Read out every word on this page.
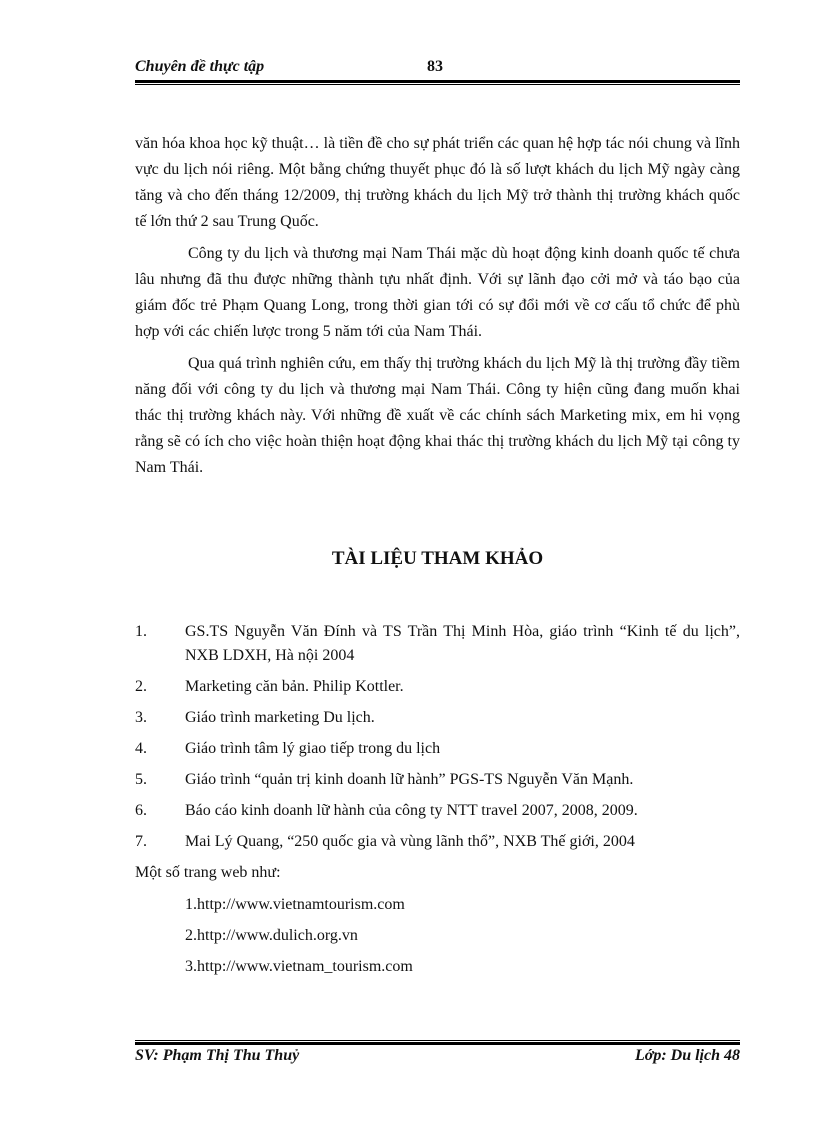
Chuyên đề thực tập	83

văn hóa khoa học kỹ thuật… là tiền đề cho sự phát triển các quan hệ hợp tác nói chung và lĩnh vực du lịch nói riêng. Một bằng chứng thuyết phục đó là số lượt khách du lịch Mỹ ngày càng tăng và cho đến tháng 12/2009, thị trường khách du lịch Mỹ trở thành thị trường khách quốc tế lớn thứ 2 sau Trung Quốc.

Công ty du lịch và thương mại Nam Thái mặc dù hoạt động kinh doanh quốc tế chưa lâu nhưng đã thu được những thành tựu nhất định. Với sự lãnh đạo cởi mở và táo bạo của giám đốc trẻ Phạm Quang Long, trong thời gian tới có sự đổi mới về cơ cấu tổ chức để phù hợp với các chiến lược trong 5 năm tới của Nam Thái.

Qua quá trình nghiên cứu, em thấy thị trường khách du lịch Mỹ là thị trường đầy tiềm năng đối với công ty du lịch và thương mại Nam Thái. Công ty hiện cũng đang muốn khai thác thị trường khách này. Với những đề xuất về các chính sách Marketing mix, em hi vọng rằng sẽ có ích cho việc hoàn thiện hoạt động khai thác thị trường khách du lịch Mỹ tại công ty Nam Thái.

TÀI LIỆU THAM KHẢO
1. GS.TS Nguyễn Văn Đính và TS Trần Thị Minh Hòa, giáo trình “Kinh tế du lịch”, NXB LDXH, Hà nội 2004
2. Marketing căn bản. Philip Kottler.
3. Giáo trình marketing Du lịch.
4. Giáo trình tâm lý giao tiếp trong du lịch
5. Giáo trình “quản trị kinh doanh lữ hành” PGS-TS Nguyễn Văn Mạnh.
6. Báo cáo kinh doanh lữ hành của công ty NTT travel 2007, 2008, 2009.
7. Mai Lý Quang, “250 quốc gia và vùng lãnh thổ”, NXB Thế giới, 2004
Một số trang web như:
1.http://www.vietnamtourism.com
2.http://www.dulich.org.vn
3.http://www.vietnam_tourism.com
SV: Phạm Thị Thu Thuỷ	Lớp: Du lịch 48
